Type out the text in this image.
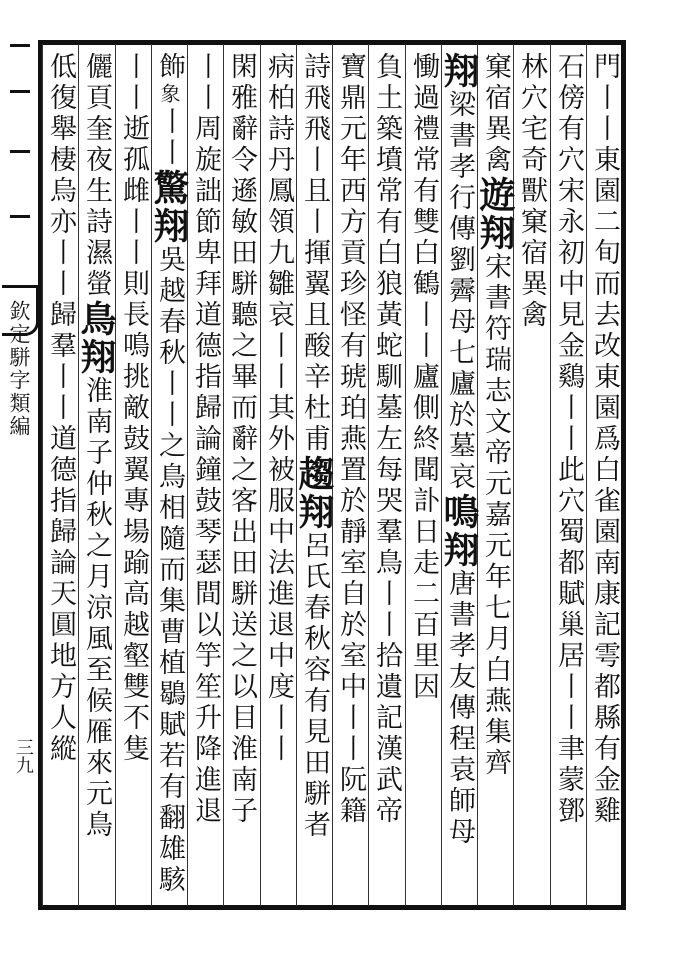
欽定駢字類編
三九	門丨丨東園二旬而去改東園爲白雀園南康記雩都縣有金雞
石傍有穴宋永初中見金鷄丨丨此穴蜀都賦巢居丨丨聿蒙鄧
林穴宅奇獸窠宿異禽
窠宿異禽遊翔宋書符瑞志文帝元嘉元年七月白燕集齊
翔梁書孝行傳劉霽母七廬於墓哀鳴翔唐書孝友傳程袁師母
慟過禮常有雙白鶴丨丨廬側終聞訃日走二百里因
負土築墳常有白狼黃蛇馴墓左每哭羣鳥丨丨拾遺記漢武帝
寶鼎元年西方貢珍怪有琥珀燕置於靜室自於室中丨丨阮籍
詩飛飛丨且丨揮翼且酸辛杜甫趨翔呂氏春秋容有見田駢者
病柏詩丹鳳領九雛哀丨丨其外被服中法進退中度丨丨
閑雅辭令遜敏田駢聽之畢而辭之客出田駢送之以目淮南子
丨丨周旋詘節卑拜道德指歸論鐘鼓琴瑟間以竽笙升降進退
飾象丨丨驚翔吳越春秋丨丨之鳥相隨而集曹植鶡賦若有翻雄駭
丨丨逝孤雌丨丨則長鳴挑敵鼓翼專場踰高越壑雙不隻
儷頁奎夜生詩濕螢鳥翔淮南子仲秋之月涼風至候雁來元鳥
低復舉棲烏亦丨丨歸羣丨丨道德指歸論天圓地方人縱
